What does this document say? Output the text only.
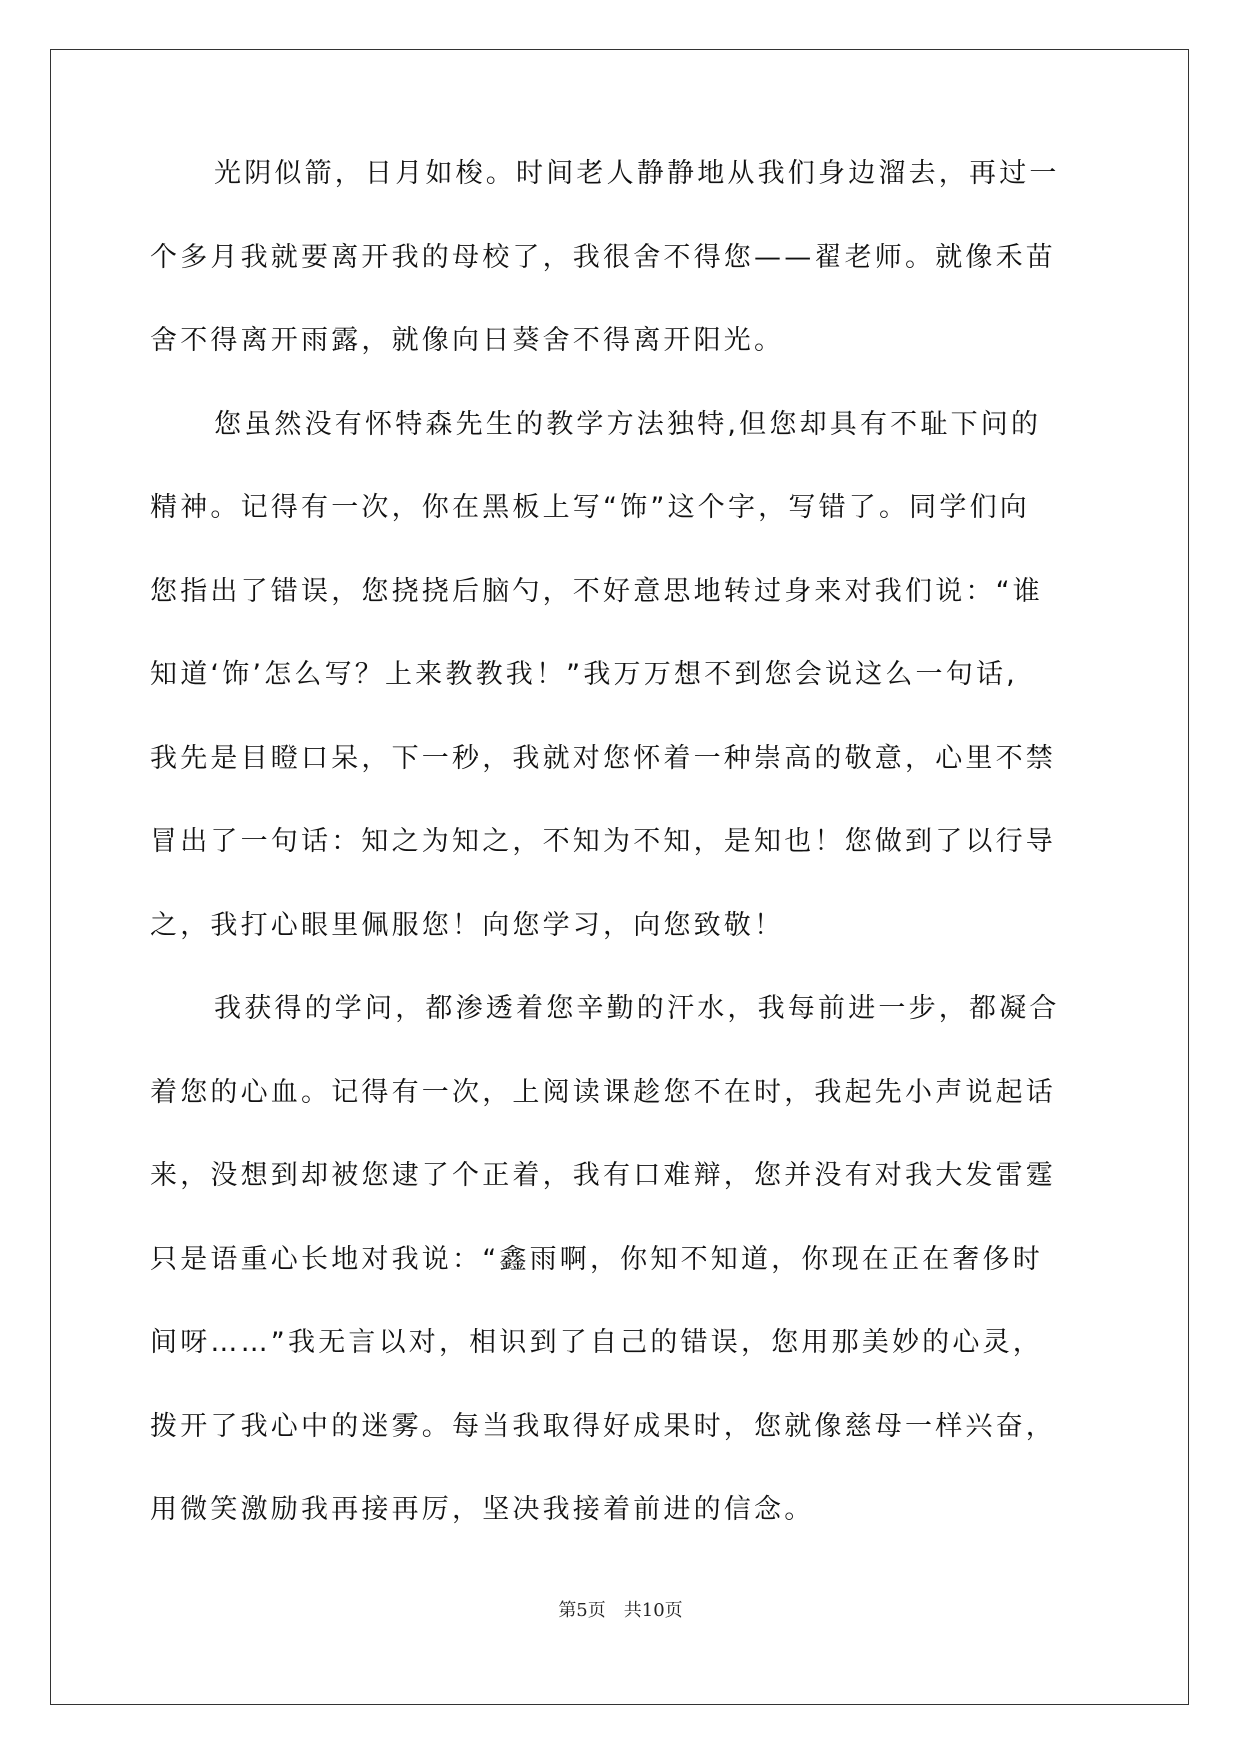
光阴似箭，日月如梭。时间老人静静地从我们身边溜去，再过一
个多月我就要离开我的母校了，我很舍不得您——翟老师。就像禾苗
舍不得离开雨露，就像向日葵舍不得离开阳光。
您虽然没有怀特森先生的教学方法独特,但您却具有不耻下问的
精神。记得有一次，你在黑板上写“饰”这个字，写错了。同学们向
您指出了错误，您挠挠后脑勺，不好意思地转过身来对我们说：“谁
知道‘饰’怎么写？上来教教我！”我万万想不到您会说这么一句话,
我先是目瞪口呆，下一秒，我就对您怀着一种崇高的敬意，心里不禁
冒出了一句话：知之为知之，不知为不知，是知也！您做到了以行导
之，我打心眼里佩服您！向您学习，向您致敬！
我获得的学问，都渗透着您辛勤的汗水，我每前进一步，都凝合
着您的心血。记得有一次，上阅读课趁您不在时，我起先小声说起话
来，没想到却被您逮了个正着，我有口难辩，您并没有对我大发雷霆
只是语重心长地对我说：“鑫雨啊，你知不知道，你现在正在奢侈时
间呀……”我无言以对，相识到了自己的错误，您用那美妙的心灵，
拨开了我心中的迷雾。每当我取得好成果时，您就像慈母一样兴奋，
用微笑激励我再接再厉，坚决我接着前进的信念。
第5页　共10页
